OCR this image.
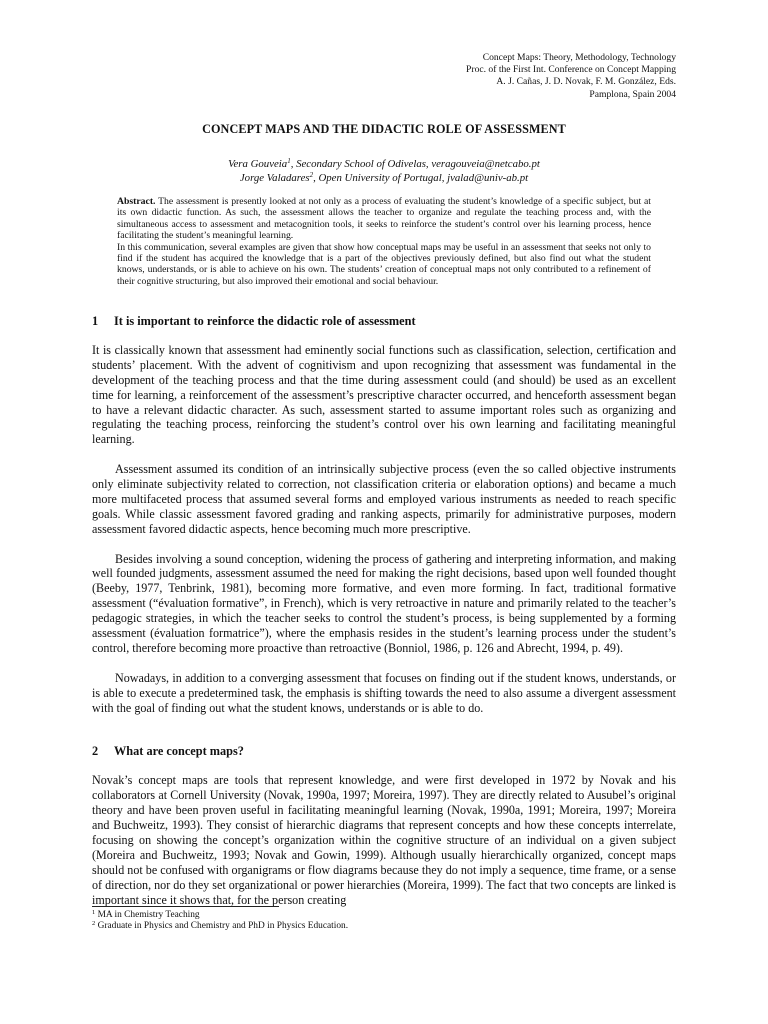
Concept Maps: Theory, Methodology, Technology
Proc. of the First Int. Conference on Concept Mapping
A. J. Cañas, J. D. Novak, F. M. González, Eds.
Pamplona, Spain 2004
CONCEPT MAPS AND THE DIDACTIC ROLE OF ASSESSMENT
Vera Gouveia$^1$, Secondary School of Odivelas, veragouveia@netcabo.pt
Jorge Valadares$^2$, Open University of Portugal, jvalad@univ-ab.pt

Abstract. The assessment is presently looked at not only as a process of evaluating the student’s knowledge of a specific subject, but at its own didactic function. As such, the assessment allows the teacher to organize and regulate the teaching process and, with the simultaneous access to assessment and metacognition tools, it seeks to reinforce the student’s control over his learning process, hence facilitating the student’s meaningful learning.

In this communication, several examples are given that show how conceptual maps may be useful in an assessment that seeks not only to find if the student has acquired the knowledge that is a part of the objectives previously defined, but also find out what the student knows, understands, or is able to achieve on his own. The students’ creation of conceptual maps not only contributed to a refinement of their cognitive structuring, but also improved their emotional and social behaviour.

1	It is important to reinforce the didactic role of assessment

It is classically known that assessment had eminently social functions such as classification, selection, certification and students’ placement. With the advent of cognitivism and upon recognizing that assessment was fundamental in the development of the teaching process and that the time during assessment could (and should) be used as an excellent time for learning, a reinforcement of the assessment’s prescriptive character occurred, and henceforth assessment began to have a relevant didactic character. As such, assessment started to assume important roles such as organizing and regulating the teaching process, reinforcing the student’s control over his own learning and facilitating meaningful learning.

Assessment assumed its condition of an intrinsically subjective process (even the so called objective instruments only eliminate subjectivity related to correction, not classification criteria or elaboration options) and became a much more multifaceted process that assumed several forms and employed various instruments as needed to reach specific goals. While classic assessment favored grading and ranking aspects, primarily for administrative purposes, modern assessment favored didactic aspects, hence becoming much more prescriptive.

Besides involving a sound conception, widening the process of gathering and interpreting information, and making well founded judgments, assessment assumed the need for making the right decisions, based upon well founded thought (Beeby, 1977, Tenbrink, 1981), becoming more formative, and even more forming. In fact, traditional formative assessment (“évaluation formative”, in French), which is very retroactive in nature and primarily related to the teacher’s pedagogic strategies, in which the teacher seeks to control the student’s process, is being supplemented by a forming assessment (évaluation formatrice”), where the emphasis resides in the student’s learning process under the student’s control, therefore becoming more proactive than retroactive (Bonniol, 1986, p. 126 and Abrecht, 1994, p. 49).

Nowadays, in addition to a converging assessment that focuses on finding out if the student knows, understands, or is able to execute a predetermined task, the emphasis is shifting towards the need to also assume a divergent assessment with the goal of finding out what the student knows, understands or is able to do.

2	What are concept maps?

Novak’s concept maps are tools that represent knowledge, and were first developed in 1972 by Novak and his collaborators at Cornell University (Novak, 1990a, 1997; Moreira, 1997). They are directly related to Ausubel’s original theory and have been proven useful in facilitating meaningful learning (Novak, 1990a, 1991; Moreira, 1997; Moreira and Buchweitz, 1993). They consist of hierarchic diagrams that represent concepts and how these concepts interrelate, focusing on showing the concept’s organization within the cognitive structure of an individual on a given subject (Moreira and Buchweitz, 1993; Novak and Gowin, 1999). Although usually hierarchically organized, concept maps should not be confused with organigrams or flow diagrams because they do not imply a sequence, time frame, or a sense of direction, nor do they set organizational or power hierarchies (Moreira, 1999). The fact that two concepts are linked is important since it shows that, for the person creating

$^1$ MA in Chemistry Teaching
$^2$ Graduate in Physics and Chemistry and PhD in Physics Education.
